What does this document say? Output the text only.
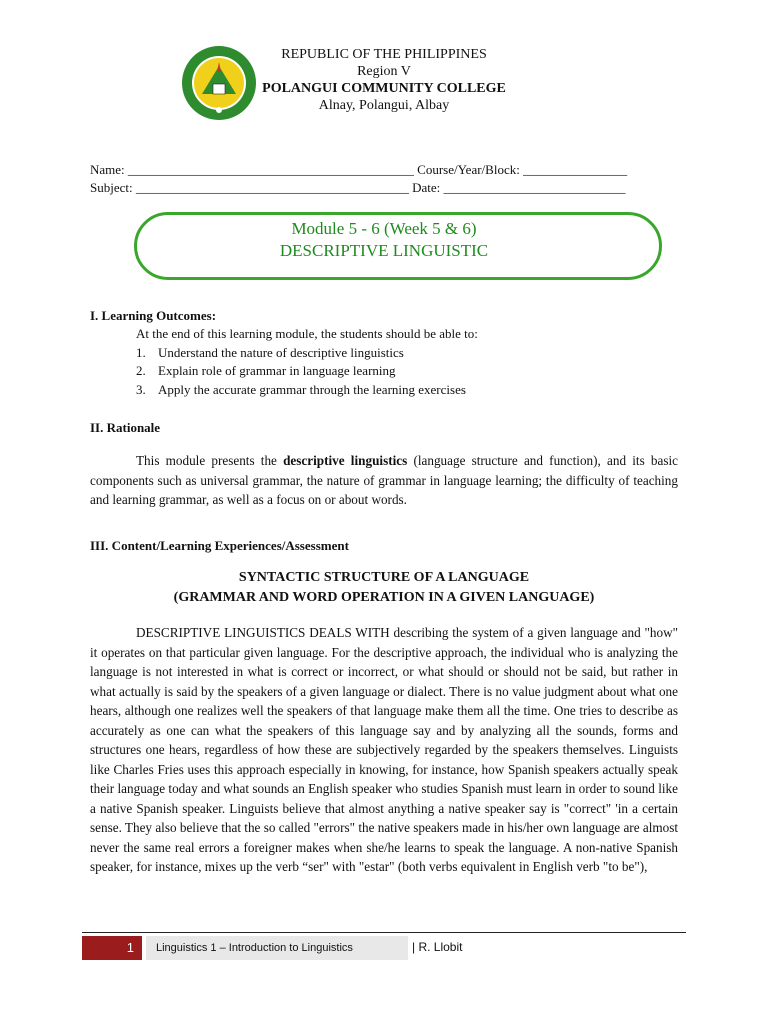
REPUBLIC OF THE PHILIPPINES
Region V
POLANGUI COMMUNITY COLLEGE
Alnay, Polangui, Albay
Name: ____________________________________________ Course/Year/Block: ________________
Subject: __________________________________________ Date: ____________________________
Module 5 - 6 (Week 5 & 6)
DESCRIPTIVE LINGUISTIC
I. Learning Outcomes:
At the end of this learning module, the students should be able to:
1. Understand the nature of descriptive linguistics
2. Explain role of grammar in language learning
3. Apply the accurate grammar through the learning exercises
II. Rationale
This module presents the descriptive linguistics (language structure and function), and its basic components such as universal grammar, the nature of grammar in language learning; the difficulty of teaching and learning grammar, as well as a focus on or about words.
III. Content/Learning Experiences/Assessment
SYNTACTIC STRUCTURE OF A LANGUAGE
(GRAMMAR AND WORD OPERATION IN A GIVEN LANGUAGE)
DESCRIPTIVE LINGUISTICS DEALS WITH describing the system of a given language and "how" it operates on that particular given language. For the descriptive approach, the individual who is analyzing the language is not interested in what is correct or incorrect, or what should or should not be said, but rather in what actually is said by the speakers of a given language or dialect. There is no value judgment about what one hears, although one realizes well the speakers of that language make them all the time. One tries to describe as accurately as one can what the speakers of this language say and by analyzing all the sounds, forms and structures one hears, regardless of how these are subjectively regarded by the speakers themselves. Linguists like Charles Fries uses this approach especially in knowing, for instance, how Spanish speakers actually speak their language today and what sounds an English speaker who studies Spanish must learn in order to sound like a native Spanish speaker. Linguists believe that almost anything a native speaker say is "correct" 'in a certain sense. They also believe that the so called "errors" the native speakers made in his/her own language are almost never the same real errors a foreigner makes when she/he learns to speak the language. A non-native Spanish speaker, for instance, mixes up the verb “ser" with "estar" (both verbs equivalent in English verb "to be"),
1	Linguistics 1 – Introduction to Linguistics	| R. Llobit
